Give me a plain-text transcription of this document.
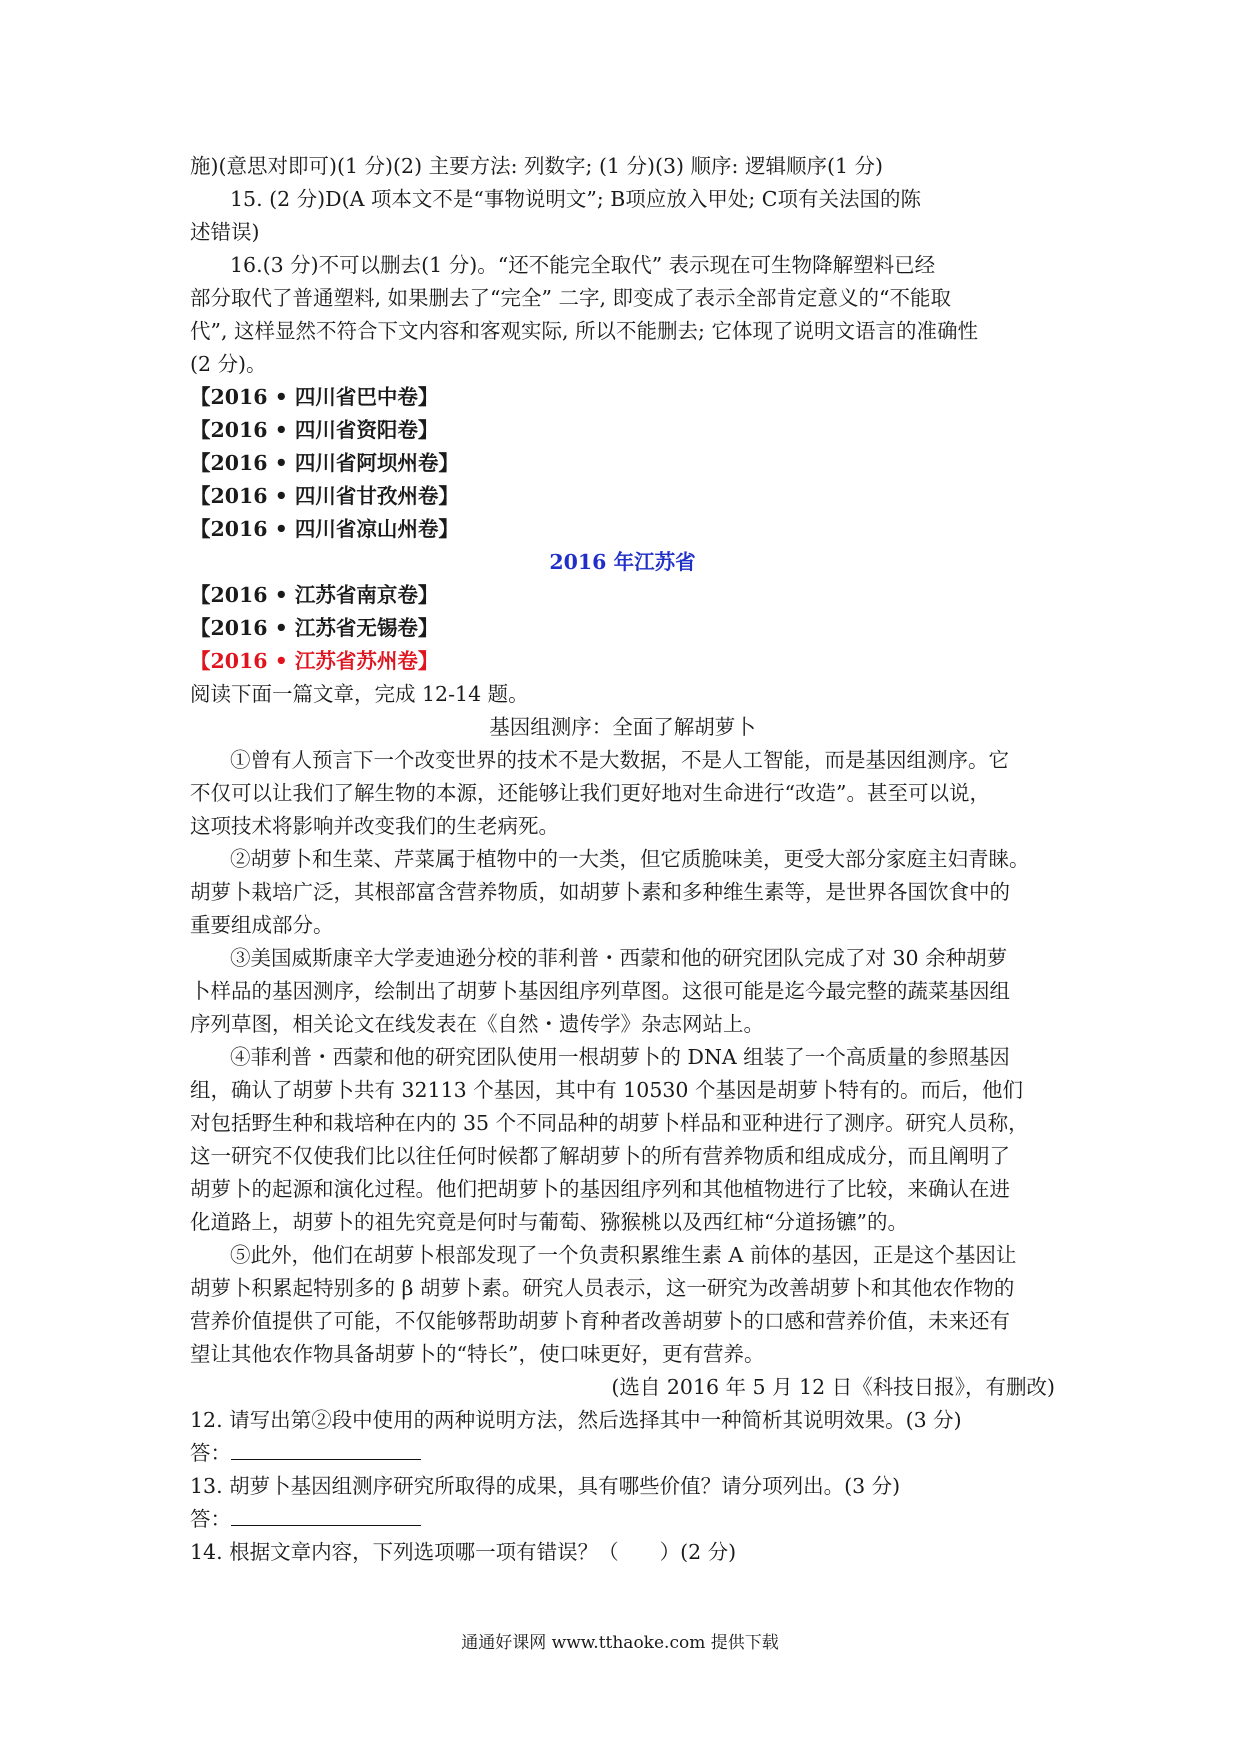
施)(意思对即可)(1 分)(2) 主要方法: 列数字; (1 分)(3) 顺序: 逻辑顺序(1 分)
15. (2 分)D(A 项本文不是“事物说明文”; B项应放入甲处; C项有关法国的陈
述错误)
16.(3 分)不可以删去(1 分)。“还不能完全取代” 表示现在可生物降解塑料已经
部分取代了普通塑料, 如果删去了“完全” 二字, 即变成了表示全部肯定意义的“不能取
代”, 这样显然不符合下文内容和客观实际, 所以不能删去; 它体现了说明文语言的准确性
(2 分)。
【2016 • 四川省巴中卷】
【2016 • 四川省资阳卷】
【2016 • 四川省阿坝州卷】
【2016 • 四川省甘孜州卷】
【2016 • 四川省凉山州卷】
2016 年江苏省
【2016 • 江苏省南京卷】
【2016 • 江苏省无锡卷】
【2016 • 江苏省苏州卷】
阅读下面一篇文章，完成 12-14 题。
基因组测序：全面了解胡萝卜
①曾有人预言下一个改变世界的技术不是大数据，不是人工智能，而是基因组测序。它
不仅可以让我们了解生物的本源，还能够让我们更好地对生命进行“改造”。甚至可以说，
这项技术将影响并改变我们的生老病死。
②胡萝卜和生菜、芹菜属于植物中的一大类，但它质脆味美，更受大部分家庭主妇青睐。
胡萝卜栽培广泛，其根部富含营养物质，如胡萝卜素和多种维生素等，是世界各国饮食中的
重要组成部分。
③美国威斯康辛大学麦迪逊分校的菲利普・西蒙和他的研究团队完成了对 30 余种胡萝
卜样品的基因测序，绘制出了胡萝卜基因组序列草图。这很可能是迄今最完整的蔬菜基因组
序列草图，相关论文在线发表在《自然・遗传学》杂志网站上。
④菲利普・西蒙和他的研究团队使用一根胡萝卜的 DNA 组装了一个高质量的参照基因
组，确认了胡萝卜共有 32113 个基因，其中有 10530 个基因是胡萝卜特有的。而后，他们
对包括野生种和栽培种在内的 35 个不同品种的胡萝卜样品和亚种进行了测序。研究人员称，
这一研究不仅使我们比以往任何时候都了解胡萝卜的所有营养物质和组成成分，而且阐明了
胡萝卜的起源和演化过程。他们把胡萝卜的基因组序列和其他植物进行了比较，来确认在进
化道路上，胡萝卜的祖先究竟是何时与葡萄、猕猴桃以及西红柿“分道扬镳”的。
⑤此外，他们在胡萝卜根部发现了一个负责积累维生素 A 前体的基因，正是这个基因让
胡萝卜积累起特别多的 β 胡萝卜素。研究人员表示，这一研究为改善胡萝卜和其他农作物的
营养价值提供了可能，不仅能够帮助胡萝卜育种者改善胡萝卜的口感和营养价值，未来还有
望让其他农作物具备胡萝卜的“特长”，使口味更好，更有营养。
(选自 2016 年 5 月 12 日《科技日报》，有删改)
12. 请写出第②段中使用的两种说明方法，然后选择其中一种简析其说明效果。(3 分)
答：
13. 胡萝卜基因组测序研究所取得的成果，具有哪些价值？请分项列出。(3 分)
答：
14. 根据文章内容，下列选项哪一项有错误？（　　）(2 分)
通通好课网 www.tthaoke.com 提供下载
